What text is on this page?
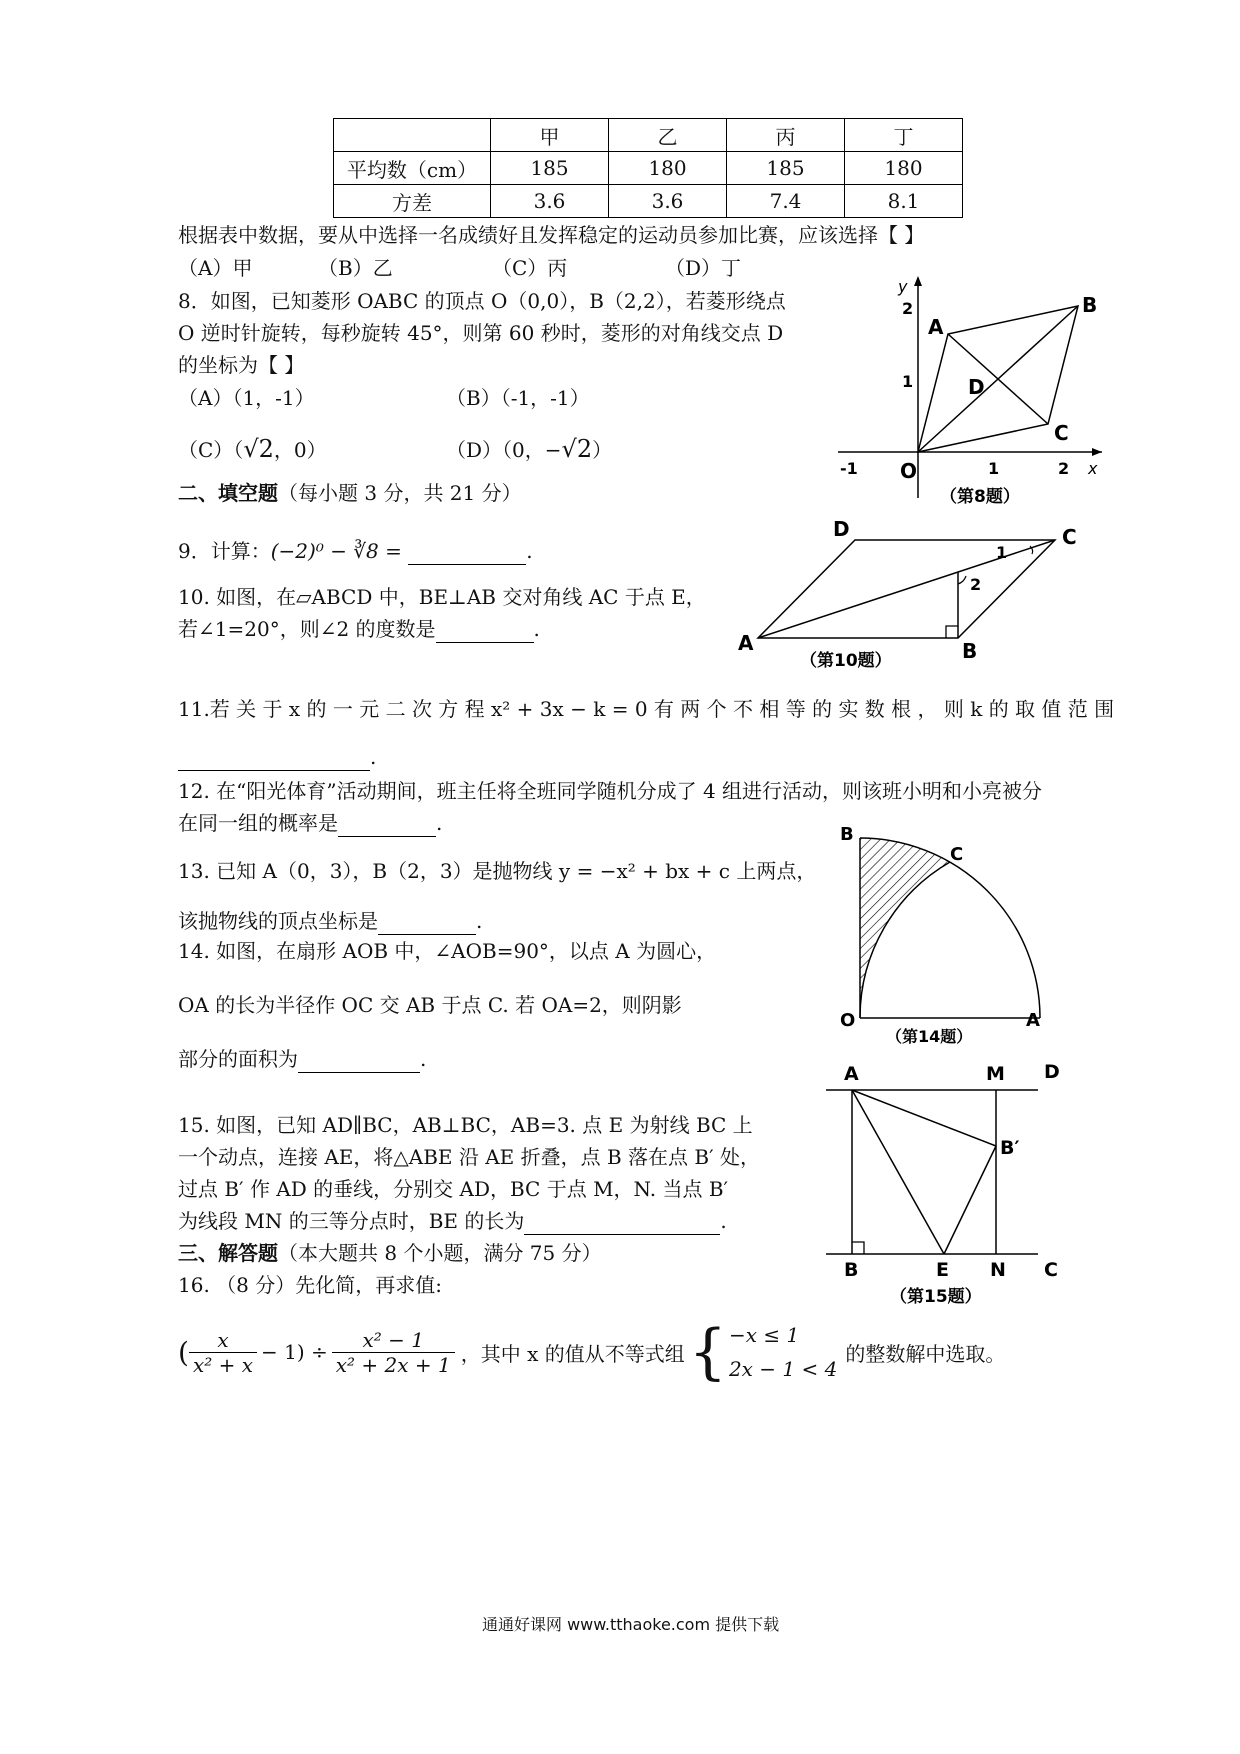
	甲	乙	丙	丁
平均数（cm）	185	180	185	180
方差	3.6	3.6	7.4	8.1
根据表中数据，要从中选择一名成绩好且发挥稳定的运动员参加比赛，应该选择【 】
（A）甲	（B）乙	（C）丙	（D）丁
8．如图，已知菱形 OABC 的顶点 O（0,0），B（2,2），若菱形绕点
O 逆时针旋转，每秒旋转 45°，则第 60 秒时，菱形的对角线交点 D
的坐标为【 】
（A）（1，-1）	（B）（-1，-1）
（C）（√2，0）	（D）（0，−√2）
y
x
2
1
-1 O	1	2
A
B
C
D
（第8题）
二、填空题（每小题 3 分，共 21 分）
9．计算：(−2)⁰ − ∛8 =	.
10. 如图，在▱ABCD 中，BE⊥AB 交对角线 AC 于点 E，
若∠1=20°，则∠2 的度数是	.
A	B
C
D
1
2
（第10题）
11.若 关 于 x 的 一 元 二 次 方 程 x² + 3x − k = 0 有 两 个 不 相 等 的 实 数 根 ， 则 k 的 取 值 范 围
.
12. 在“阳光体育”活动期间，班主任将全班同学随机分成了 4 组进行活动，则该班小明和小亮被分
在同一组的概率是	.
13. 已知 A（0，3），B（2，3）是抛物线 y = −x² + bx + c 上两点，
该抛物线的顶点坐标是	.
14. 如图，在扇形 AOB 中，∠AOB=90°，以点 A 为圆心，
OA 的长为半径作 OC 交 AB 于点 C. 若 OA=2，则阴影
部分的面积为	.
B
C
O	A
（第14题）
15. 如图，已知 AD∥BC，AB⊥BC，AB=3. 点 E 为射线 BC 上
一个动点，连接 AE，将△ABE 沿 AE 折叠，点 B 落在点 B′ 处，
过点 B′ 作 AD 的垂线，分别交 AD，BC 于点 M，N. 当点 B′
为线段 MN 的三等分点时，BE 的长为	.
A	M D
B′
B	E N C
（第15题）
三、解答题（本大题共 8 个小题，满分 75 分）
16. （8 分）先化简，再求值:
( $\frac{x}{\text{x² + x}} - 1) \div \frac{\text{x² − 1}}{\text{x² + 2x + 1}}$ ，其中 x 的值从不等式组 { −x ≤ 1
2x − 1 < 4
的整数解中选取。
通通好课网 www.tthaoke.com 提供下载
